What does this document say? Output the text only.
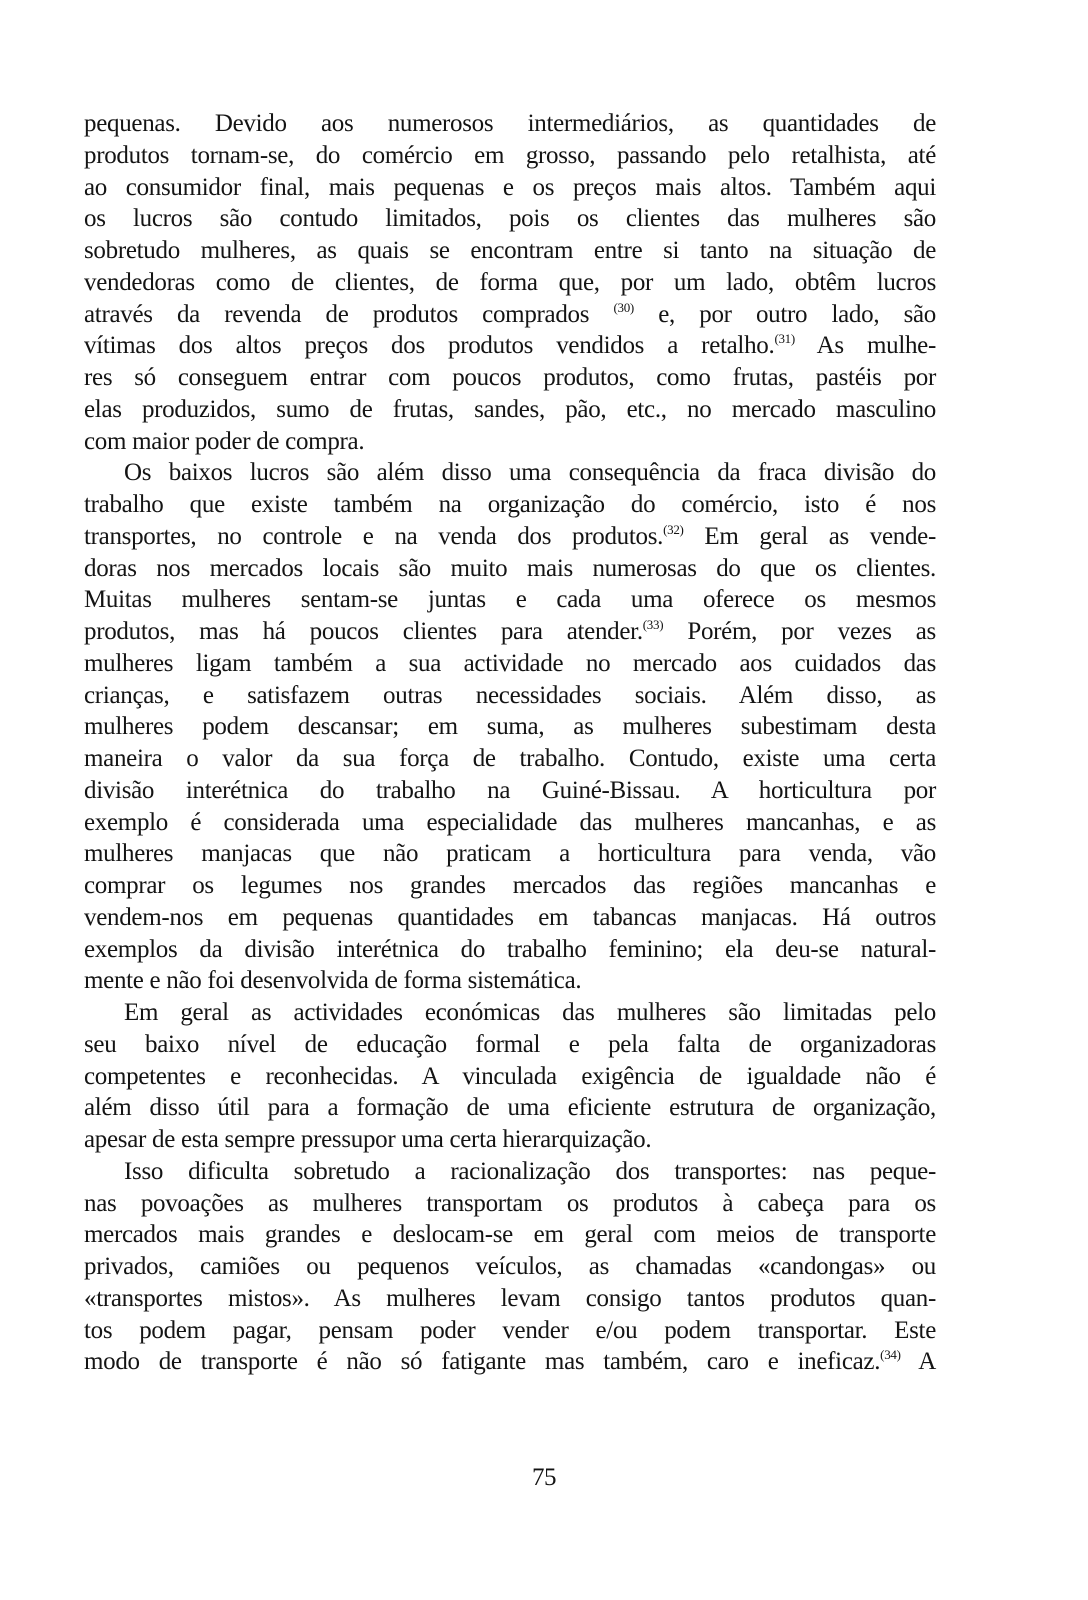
pequenas. Devido aos numerosos intermediários, as quantidades de
produtos tornam-se, do comércio em grosso, passando pelo retalhista, até
ao consumidor final, mais pequenas e os preços mais altos. Também aqui
os lucros são contudo limitados, pois os clientes das mulheres são
sobretudo mulheres, as quais se encontram entre si tanto na situação de
vendedoras como de clientes, de forma que, por um lado, obtêm lucros
através da revenda de produtos comprados $^{(30)}$ e, por outro lado, são
vítimas dos altos preços dos produtos vendidos a retalho.$^{(31)}$ As mulhe-
res só conseguem entrar com poucos produtos, como frutas, pastéis por
elas produzidos, sumo de frutas, sandes, pão, etc., no mercado masculino
com maior poder de compra.
Os baixos lucros são além disso uma consequência da fraca divisão do
trabalho que existe também na organização do comércio, isto é nos
transportes, no controle e na venda dos produtos.$^{(32)}$ Em geral as vende-
doras nos mercados locais são muito mais numerosas do que os clientes.
Muitas mulheres sentam-se juntas e cada uma oferece os mesmos
produtos, mas há poucos clientes para atender.$^{(33)}$ Porém, por vezes as
mulheres ligam também a sua actividade no mercado aos cuidados das
crianças, e satisfazem outras necessidades sociais. Além disso, as
mulheres podem descansar; em suma, as mulheres subestimam desta
maneira o valor da sua força de trabalho. Contudo, existe uma certa
divisão interétnica do trabalho na Guiné-Bissau. A horticultura por
exemplo é considerada uma especialidade das mulheres mancanhas, e as
mulheres manjacas que não praticam a horticultura para venda, vão
comprar os legumes nos grandes mercados das regiões mancanhas e
vendem-nos em pequenas quantidades em tabancas manjacas. Há outros
exemplos da divisão interétnica do trabalho feminino; ela deu-se natural-
mente e não foi desenvolvida de forma sistemática.
Em geral as actividades económicas das mulheres são limitadas pelo
seu baixo nível de educação formal e pela falta de organizadoras
competentes e reconhecidas. A vinculada exigência de igualdade não é
além disso útil para a formação de uma eficiente estrutura de organização,
apesar de esta sempre pressupor uma certa hierarquização.
Isso dificulta sobretudo a racionalização dos transportes: nas peque-
nas povoações as mulheres transportam os produtos à cabeça para os
mercados mais grandes e deslocam-se em geral com meios de transporte
privados, camiões ou pequenos veículos, as chamadas «candongas» ou
«transportes mistos». As mulheres levam consigo tantos produtos quan-
tos podem pagar, pensam poder vender e/ou podem transportar. Este
modo de transporte é não só fatigante mas também, caro e ineficaz.$^{(34)}$ A
75
